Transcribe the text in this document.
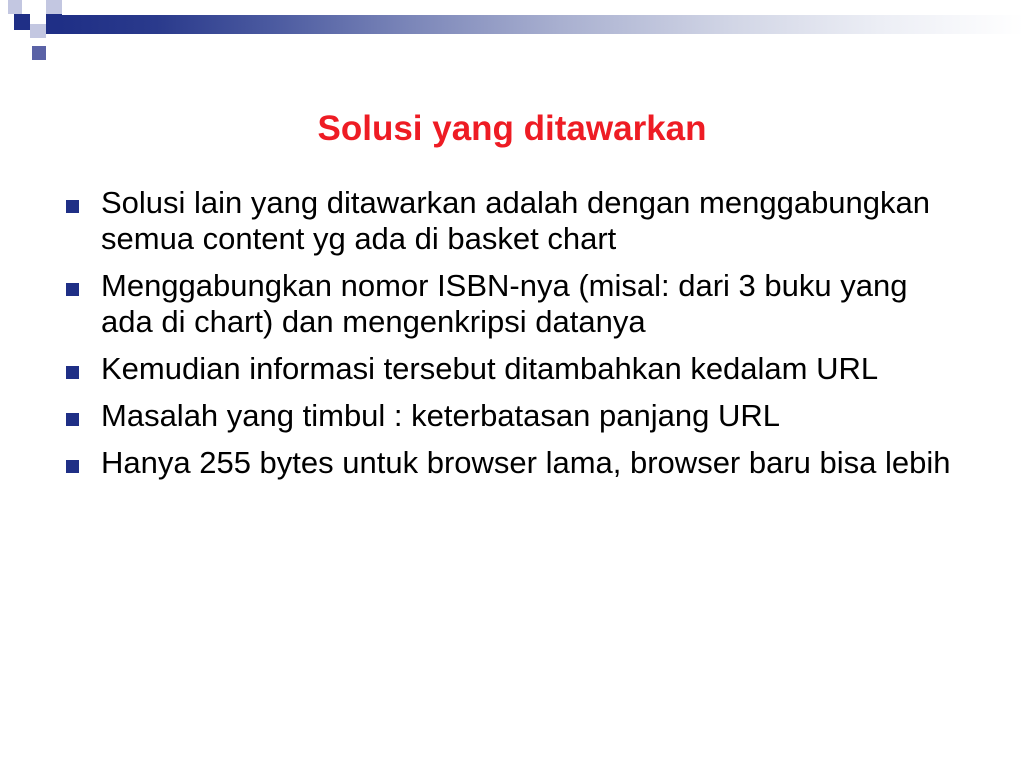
Solusi yang ditawarkan
Solusi lain yang ditawarkan adalah dengan menggabungkan semua content yg ada di basket chart
Menggabungkan nomor ISBN-nya (misal: dari 3 buku yang ada di chart) dan mengenkripsi datanya
Kemudian informasi tersebut ditambahkan kedalam URL
Masalah yang timbul : keterbatasan panjang URL
Hanya 255 bytes untuk browser lama, browser baru bisa lebih
